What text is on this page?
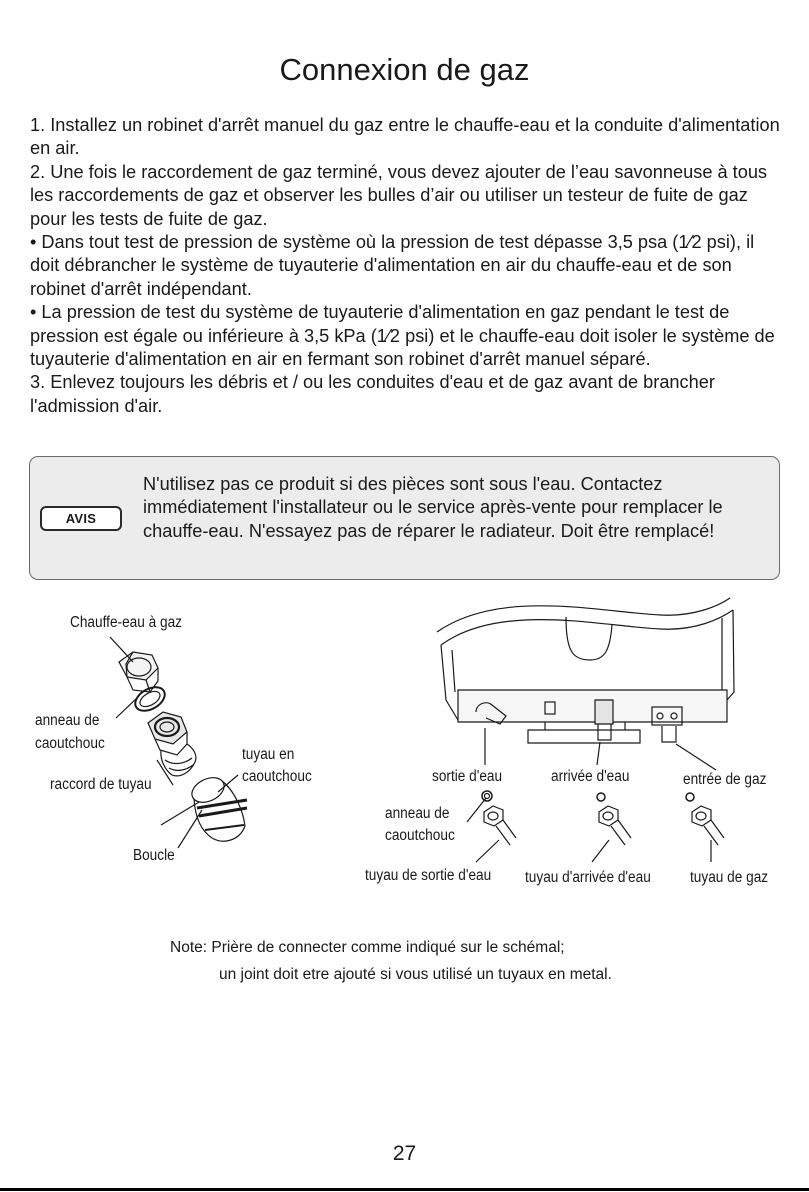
Connexion de gaz

1. Installez un robinet d'arrêt manuel du gaz entre le chauffe-eau et la conduite d'alimentation en air.

2. Une fois le raccordement de gaz terminé, vous devez ajouter de l’eau savonneuse à tous les raccordements de gaz et observer les bulles d’air ou utiliser un testeur de fuite de gaz pour les tests de fuite de gaz.

• Dans tout test de pression de système où la pression de test dépasse 3,5 psa (1⁄2 psi), il doit débrancher le système de tuyauterie d'alimentation en air du chauffe-eau et de son robinet d'arrêt indépendant.

• La pression de test du système de tuyauterie d'alimentation en gaz pendant le test de pression est égale ou inférieure à 3,5 kPa (1⁄2 psi) et le chauffe-eau doit isoler le système de tuyauterie d'alimentation en air en fermant son robinet d'arrêt manuel séparé.

3. Enlevez toujours les débris et / ou les conduites d'eau et de gaz avant de brancher l'admission d'air.

AVIS
N'utilisez pas ce produit si des pièces sont sous l'eau. Contactez immédiatement l'installateur ou le service après-vente pour remplacer le chauffe-eau. N'essayez pas de réparer le radiateur. Doit être remplacé!
Chauffe-eau à gaz
anneau de
caoutchouc
tuyau en
caoutchouc
raccord de tuyau
Boucle
sortie d'eau	arrivée d'eau	entrée de gaz
anneau de
caoutchouc
tuyau de sortie d'eau tuyau d'arrivée d'eau	tuyau de gaz
Note: Prière de connecter comme indiqué sur le schémal;
un joint doit etre ajouté si vous utilisé un tuyaux en metal.
27
